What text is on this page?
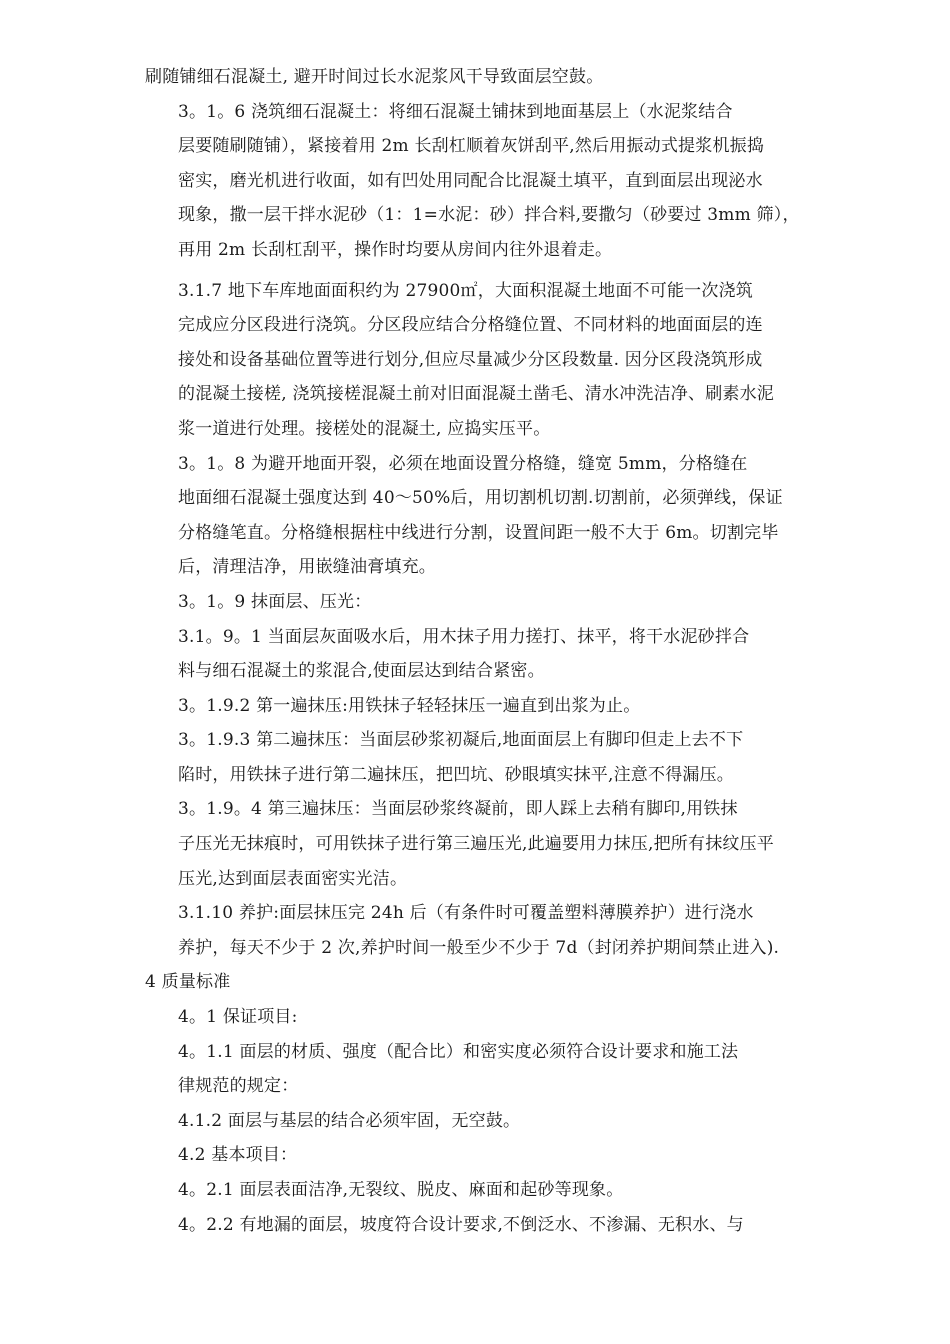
刷随铺细石混凝土, 避开时间过长水泥浆风干导致面层空鼓。

3。1。6 浇筑细石混凝土：将细石混凝土铺抹到地面基层上（水泥浆结合
层要随刷随铺），紧接着用 2m 长刮杠顺着灰饼刮平,然后用振动式提浆机振捣
密实，磨光机进行收面，如有凹处用同配合比混凝土填平，直到面层出现泌水
现象，撒一层干拌水泥砂（1：1=水泥：砂）拌合料,要撒匀（砂要过 3mm 筛），
再用 2m 长刮杠刮平，操作时均要从房间内往外退着走。

3.1.7 地下车库地面面积约为 27900㎡，大面积混凝土地面不可能一次浇筑
完成应分区段进行浇筑。分区段应结合分格缝位置、不同材料的地面面层的连
接处和设备基础位置等进行划分,但应尽量减少分区段数量. 因分区段浇筑形成
的混凝土接槎, 浇筑接槎混凝土前对旧面混凝土凿毛、清水冲洗洁净、刷素水泥
浆一道进行处理。接槎处的混凝土, 应捣实压平。

3。1。8 为避开地面开裂，必须在地面设置分格缝，缝宽 5mm，分格缝在
地面细石混凝土强度达到 40～50%后，用切割机切割.切割前，必须弹线，保证
分格缝笔直。分格缝根据柱中线进行分割，设置间距一般不大于 6m。切割完毕
后，清理洁净，用嵌缝油膏填充。

3。1。9 抹面层、压光：

3.1。9。1 当面层灰面吸水后，用木抹子用力搓打、抹平，将干水泥砂拌合
料与细石混凝土的浆混合,使面层达到结合紧密。

3。1.9.2 第一遍抹压:用铁抹子轻轻抹压一遍直到出浆为止。

3。1.9.3 第二遍抹压：当面层砂浆初凝后,地面面层上有脚印但走上去不下
陷时，用铁抹子进行第二遍抹压，把凹坑、砂眼填实抹平,注意不得漏压。

3。1.9。4 第三遍抹压：当面层砂浆终凝前，即人踩上去稍有脚印,用铁抹
子压光无抹痕时，可用铁抹子进行第三遍压光,此遍要用力抹压,把所有抹纹压平
压光,达到面层表面密实光洁。

3.1.10 养护:面层抹压完 24h 后（有条件时可覆盖塑料薄膜养护）进行浇水
养护，每天不少于 2 次,养护时间一般至少不少于 7d（封闭养护期间禁止进入).

4 质量标准

4。1 保证项目:

4。1.1 面层的材质、强度（配合比）和密实度必须符合设计要求和施工法
律规范的规定：

4.1.2 面层与基层的结合必须牢固，无空鼓。

4.2 基本项目：

4。2.1 面层表面洁净,无裂纹、脱皮、麻面和起砂等现象。

4。2.2 有地漏的面层，坡度符合设计要求,不倒泛水、不渗漏、无积水、与
